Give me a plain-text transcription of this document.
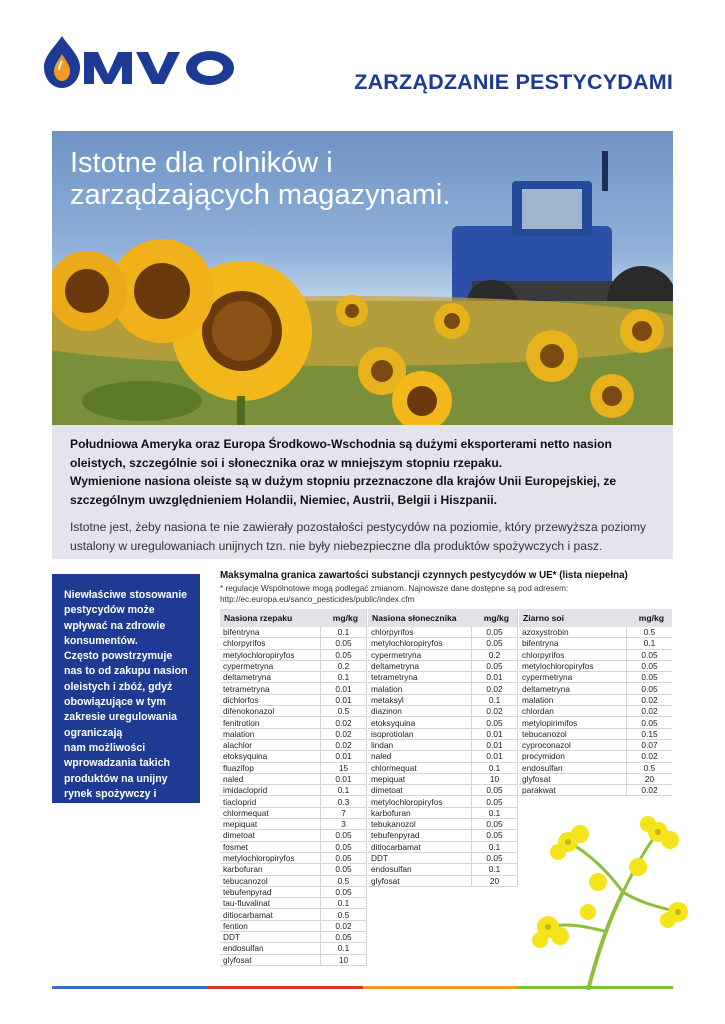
MVO	ZARZĄDZANIE PESTYCYDAMI
Istotne dla rolników i
zarządzających magazynami.
Południowa Ameryka oraz Europa Środkowo-Wschodnia są dużymi eksporterami netto nasion
oleistych, szczególnie soi i słonecznika oraz w mniejszym stopniu rzepaku.
Wymienione nasiona oleiste są w dużym stopniu przeznaczone dla krajów Unii Europejskiej, ze
szczególnym uwzględnieniem Holandii, Niemiec, Austrii, Belgii i Hiszpanii.
Istotne jest, żeby nasiona te nie zawierały pozostałości pestycydów na poziomie, który przewyższa poziomy
ustalony w uregulowaniach unijnych tzn. nie były niebezpieczne dla produktów spożywczych i pasz.
Niewłaściwe stosowanie
pestycydów może
wpływać na zdrowie
konsumentów.
Często powstrzymuje
nas to od zakupu nasion
oleistych i zbóż, gdyż
obowiązujące w tym
zakresie uregulowania
ograniczają
nam możliwości
wprowadzania takich
produktów na unijny
rynek spożywczy i
paszowy.
Maksymalna granica zawartości substancji czynnych pestycydów w UE* (lista niepełna)
* regulacje Wspólnotowe mogą podlegać zmianom. Najnowsze dane dostępne są pod adresem:
http://ec.europa.eu/sanco_pesticides/public/index.cfm
Nasiona rzepaku	mg/kg
bifentryna	0.1
chlorpyrifos	0.05
metylochloropiryfos	0.05
cypermetryna	0.2
deltametryna	0.1
tetrametryna	0.01
dichlorfos	0.01
difenokonazol	0.5
fenitrotion	0.02
malation	0.02
alachlor	0.02
etoksyquina	0.01
fluazifop	15
naled	0.01
imidacloprid	0.1
tiacloprid	0.3
chlormequat	7
mepiquat	3
dimetoat	0.05
fosmet	0.05
metylochloropiryfos	0.05
karbofuran	0.05
tebucanozol	0.5
tebufenpyrad	0.05
tau-fluvalinat	0.1
ditiocarbamat	0.5
fention	0.02
DDT	0.05
endosulfan	0.1
glyfosat	10
Nasiona słonecznika	mg/kg
chlorpyrifos	0.05
metylochloropiryfos	0.05
cypermetryna	0.2
deltametryna	0.05
tetrametryna	0.01
malation	0.02
metaksyl	0.1
diazinon	0.02
etoksyquina	0.05
isoprotiolan	0.01
lindan	0.01
naled	0.01
chlormequat	0.1
mepiquat	10
dimetoat	0.05
metylochloropiryfos	0.05
karbofuran	0.1
tebukanozol	0.05
tebufenpyrad	0.05
ditiocarbamat	0.1
DDT	0.05
endosulfan	0.1
glyfosat	20
Ziarno soi	mg/kg
azoxystrobin	0.5
bifentryna	0.1
chlorpyrifos	0.05
metylochloropiryfos	0.05
cypermetryna	0.05
deltametryna	0.05
malation	0.02
chlordan	0.02
metylopirimifos	0.05
tebucanozol	0.15
cyproconazol	0.07
procymidon	0.02
endosulfan	0.5
glyfosat	20
parakwat	0.02
